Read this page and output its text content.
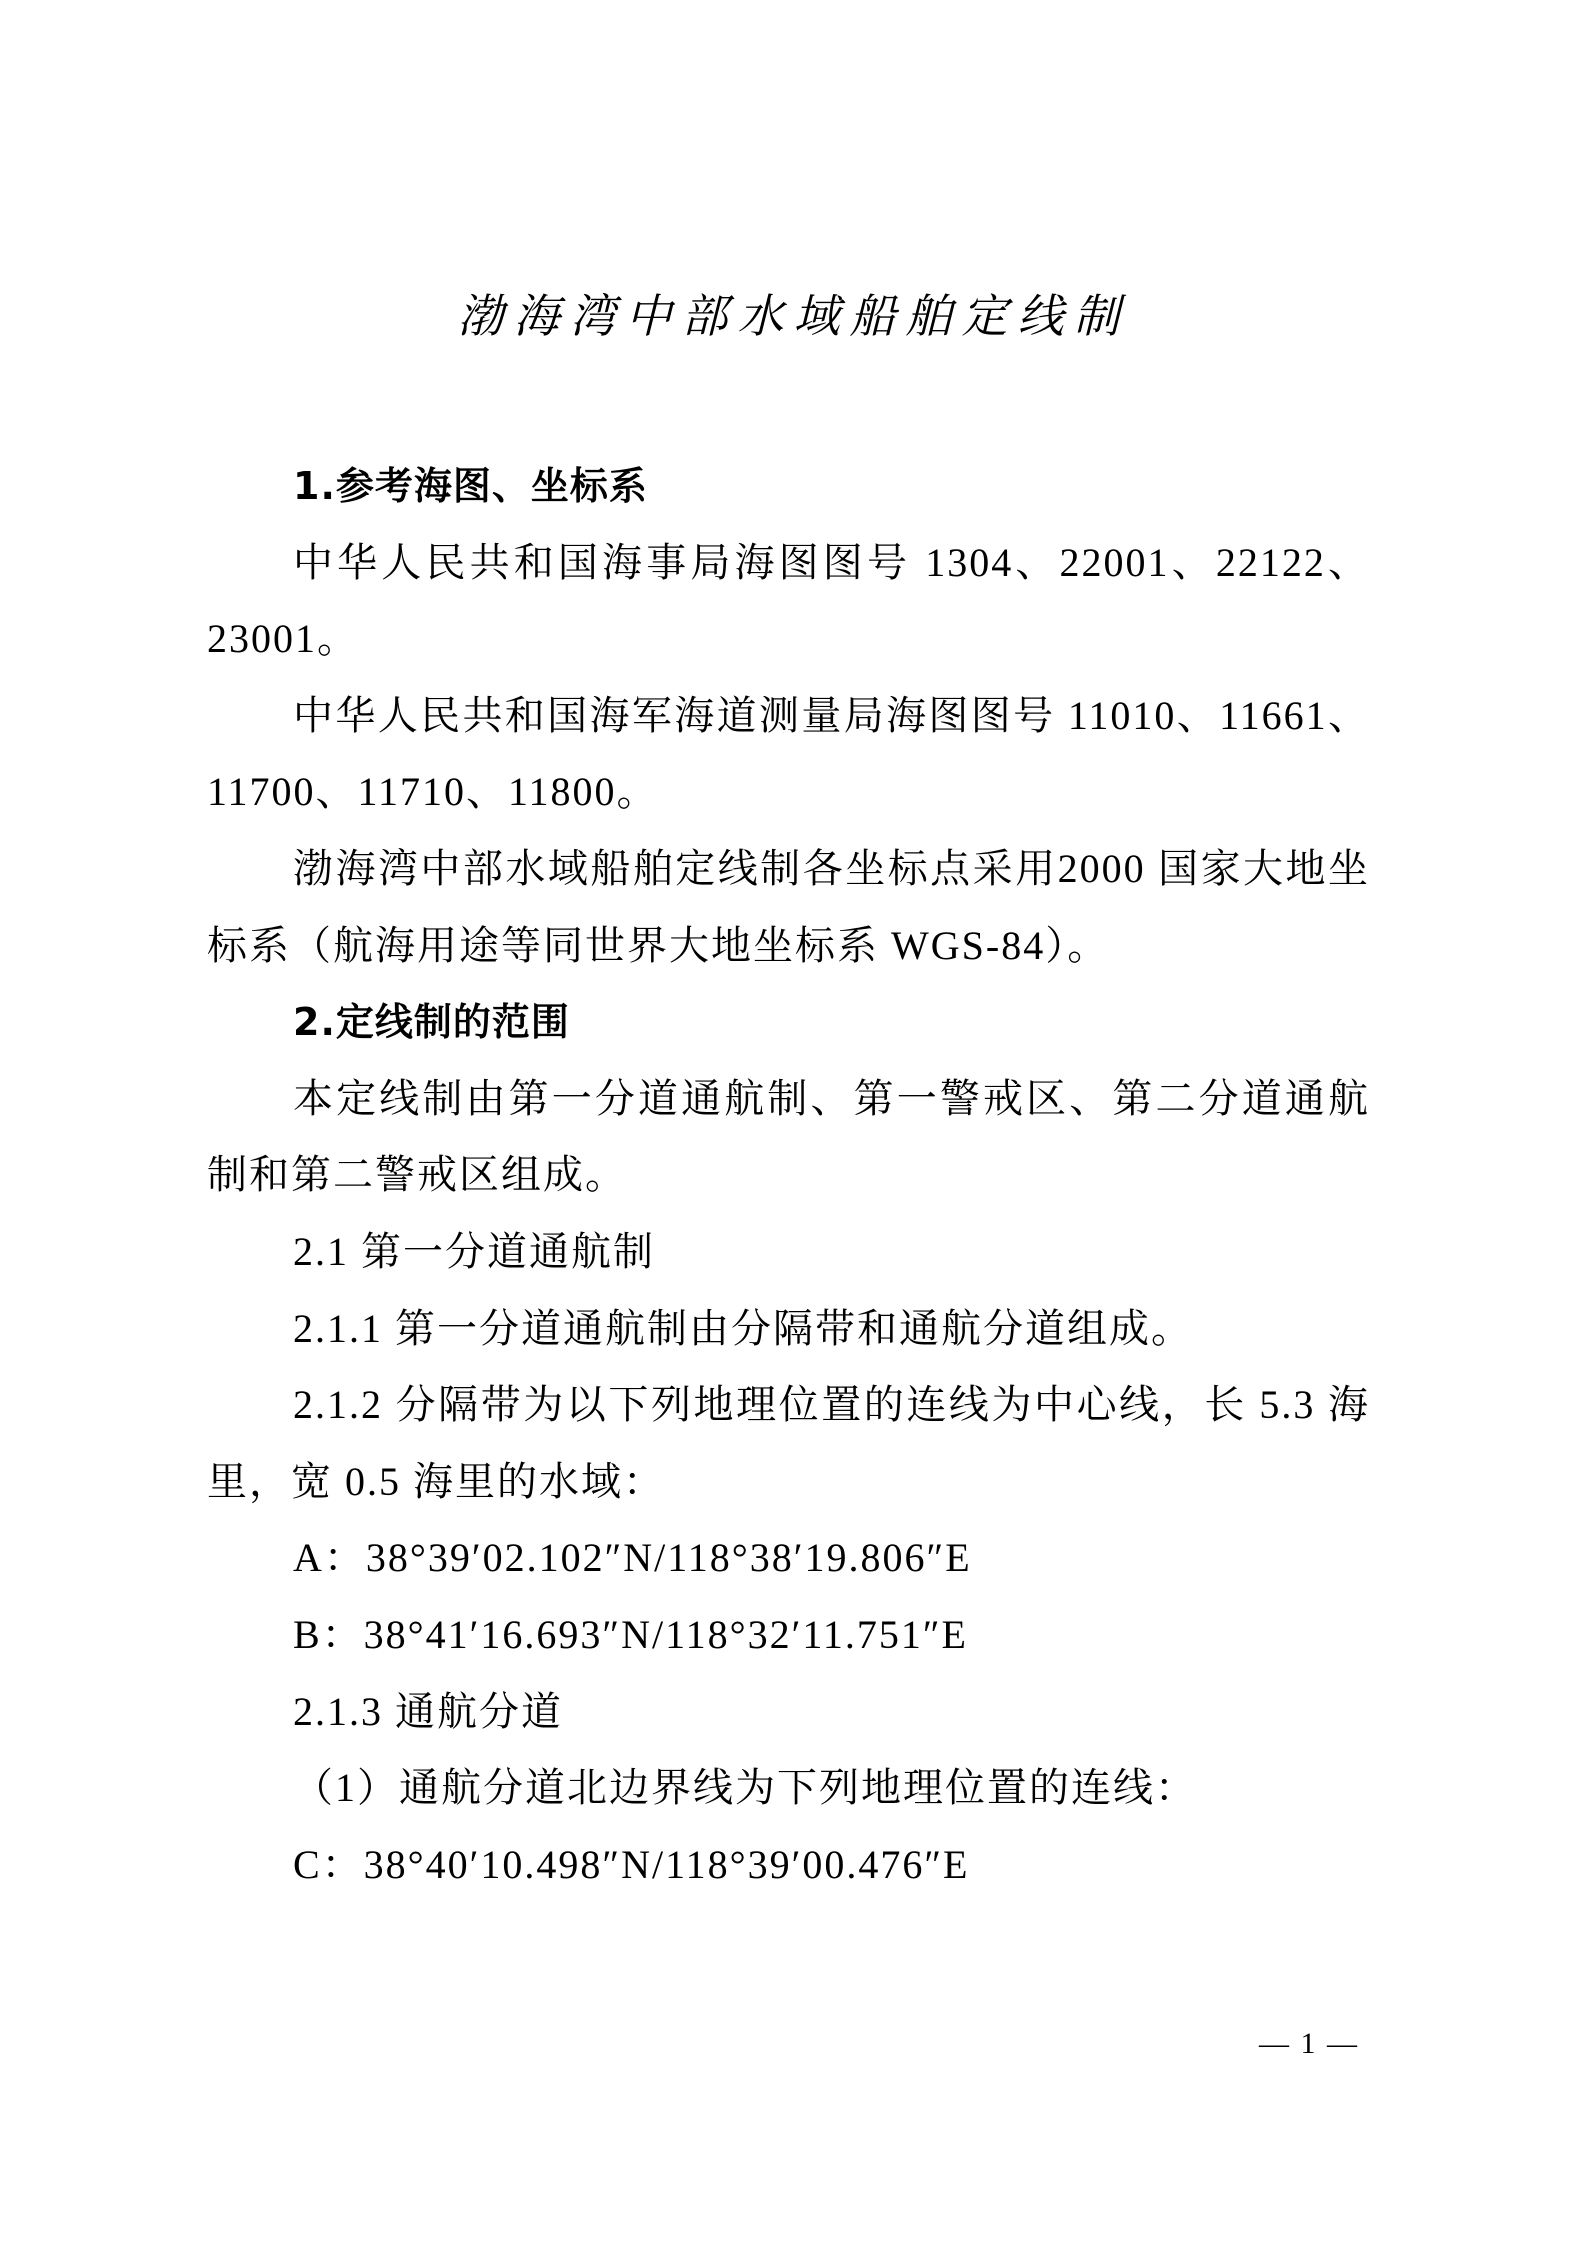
渤海湾中部水域船舶定线制

1.参考海图、坐标系

中华人民共和国海事局海图图号 1304、22001、22122、23001。

中华人民共和国海军海道测量局海图图号 11010、11661、11700、11710、11800。

渤海湾中部水域船舶定线制各坐标点采用2000 国家大地坐标系（航海用途等同世界大地坐标系 WGS-84）。

2.定线制的范围

本定线制由第一分道通航制、第一警戒区、第二分道通航制和第二警戒区组成。

2.1 第一分道通航制

2.1.1 第一分道通航制由分隔带和通航分道组成。

2.1.2 分隔带为以下列地理位置的连线为中心线，长 5.3 海里，宽 0.5 海里的水域：

A：38°39′02.102″N/118°38′19.806″E

B：38°41′16.693″N/118°32′11.751″E

2.1.3 通航分道

（1）通航分道北边界线为下列地理位置的连线：

C：38°40′10.498″N/118°39′00.476″E

— 1 —
